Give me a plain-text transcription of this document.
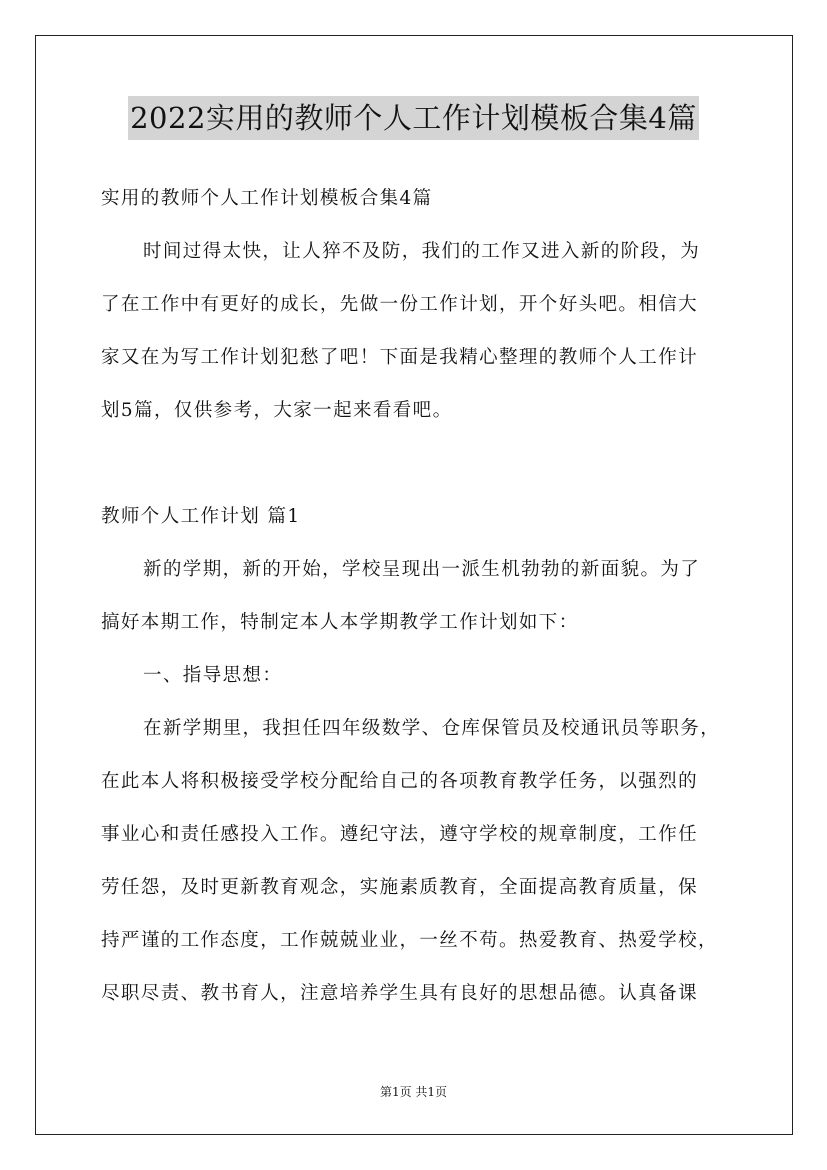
2022实用的教师个人工作计划模板合集4篇
实用的教师个人工作计划模板合集4篇
时间过得太快，让人猝不及防，我们的工作又进入新的阶段，为
了在工作中有更好的成长，先做一份工作计划，开个好头吧。相信大
家又在为写工作计划犯愁了吧！下面是我精心整理的教师个人工作计
划5篇，仅供参考，大家一起来看看吧。
教师个人工作计划 篇1
新的学期，新的开始，学校呈现出一派生机勃勃的新面貌。为了
搞好本期工作，特制定本人本学期教学工作计划如下：
一、指导思想：
在新学期里，我担任四年级数学、仓库保管员及校通讯员等职务，
在此本人将积极接受学校分配给自己的各项教育教学任务，以强烈的
事业心和责任感投入工作。遵纪守法，遵守学校的规章制度，工作任
劳任怨，及时更新教育观念，实施素质教育，全面提高教育质量，保
持严谨的工作态度，工作兢兢业业，一丝不苟。热爱教育、热爱学校，
尽职尽责、教书育人，注意培养学生具有良好的思想品德。认真备课
第1页 共1页
